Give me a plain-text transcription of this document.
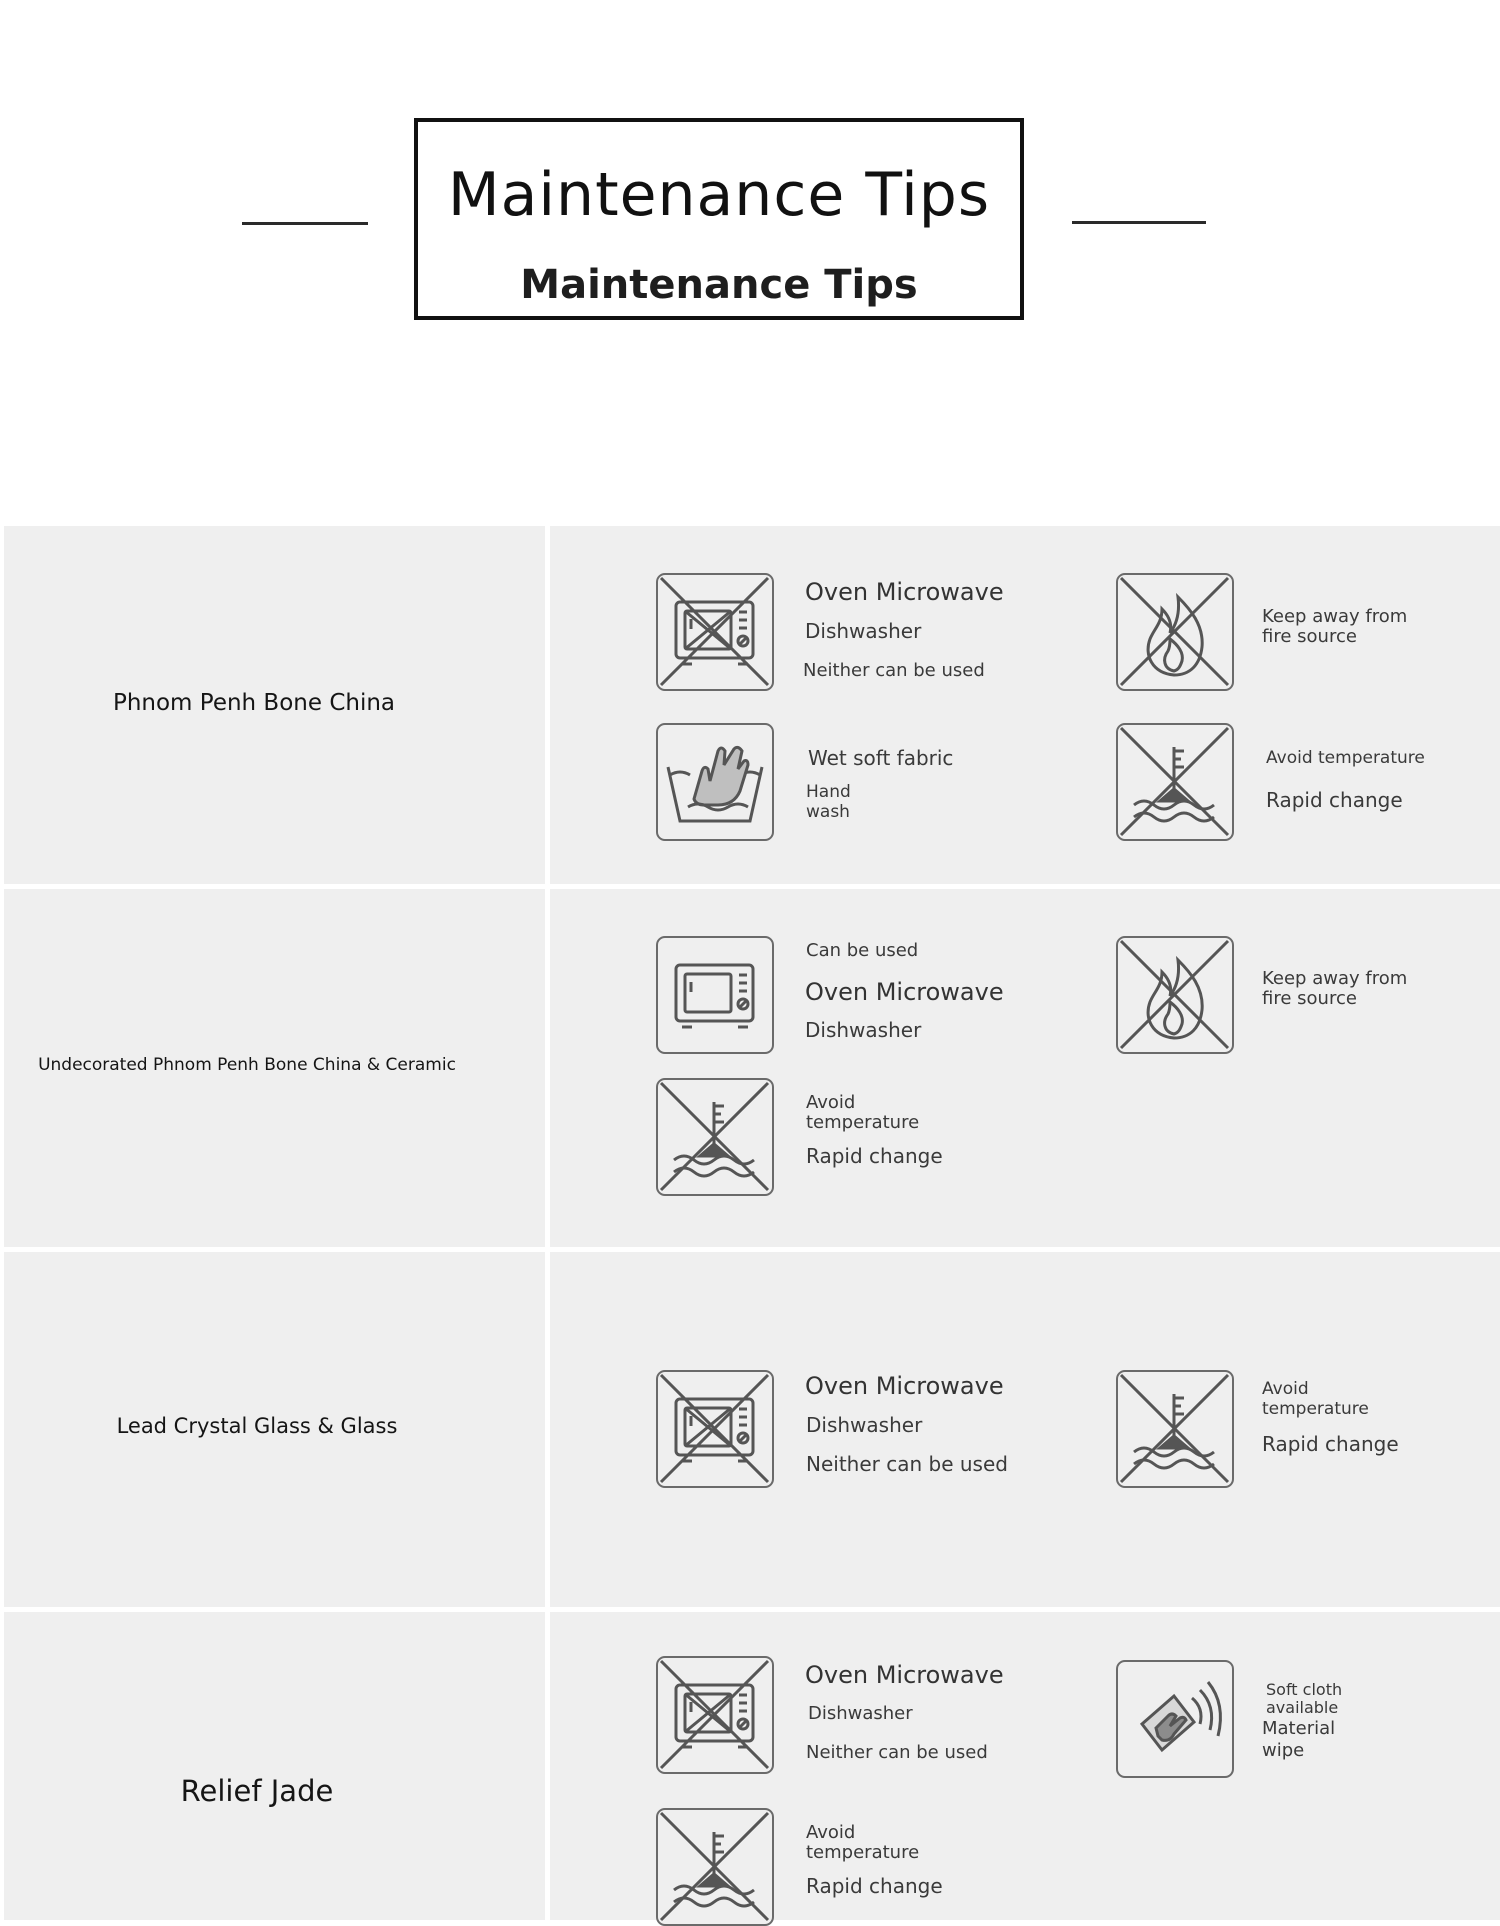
Maintenance Tips
Maintenance Tips
Phnom Penh Bone China
Oven Microwave
Dishwasher
Neither can be used
Keep away from
fire source
Wet soft fabric
Hand
wash
Avoid temperature
Rapid change
Undecorated Phnom Penh Bone China & Ceramic
Can be used
Oven Microwave
Dishwasher
Keep away from
fire source
Avoid
temperature
Rapid change
Lead Crystal Glass & Glass
Oven Microwave
Dishwasher
Neither can be used
Avoid
temperature
Rapid change
Relief Jade
Oven Microwave
Dishwasher
Neither can be used
Soft cloth
available
Material
wipe
Avoid
temperature
Rapid change
